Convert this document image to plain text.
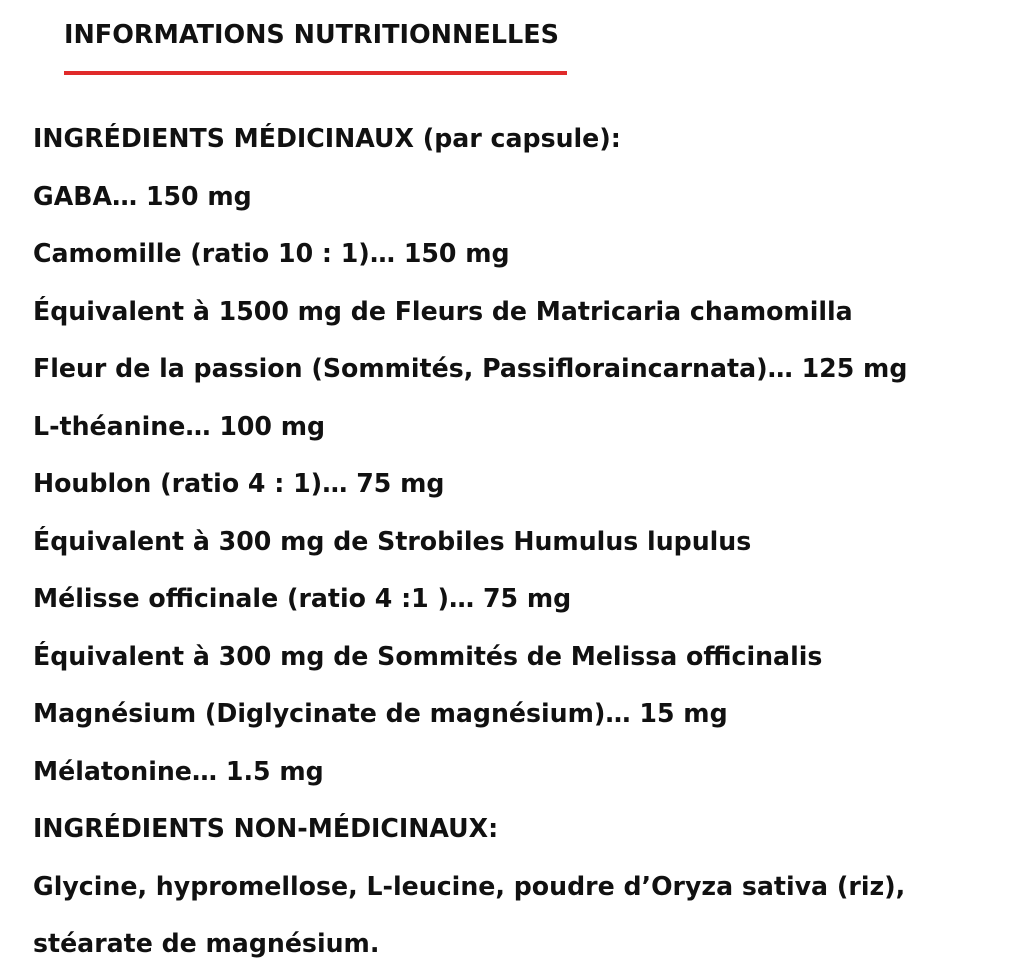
INFORMATIONS NUTRITIONNELLES
INGRÉDIENTS MÉDICINAUX (par capsule):
GABA… 150 mg
Camomille (ratio 10 : 1)… 150 mg
Équivalent à 1500 mg de Fleurs de Matricaria chamomilla
Fleur de la passion (Sommités, Passifloraincarnata)… 125 mg
L-théanine… 100 mg
Houblon (ratio 4 : 1)… 75 mg
Équivalent à 300 mg de Strobiles Humulus lupulus
Mélisse officinale (ratio 4 :1 )… 75 mg
Équivalent à 300 mg de Sommités de Melissa officinalis
Magnésium (Diglycinate de magnésium)… 15 mg
Mélatonine… 1.5 mg
INGRÉDIENTS NON-MÉDICINAUX:
Glycine, hypromellose, L-leucine, poudre d’Oryza sativa (riz),
stéarate de magnésium.
